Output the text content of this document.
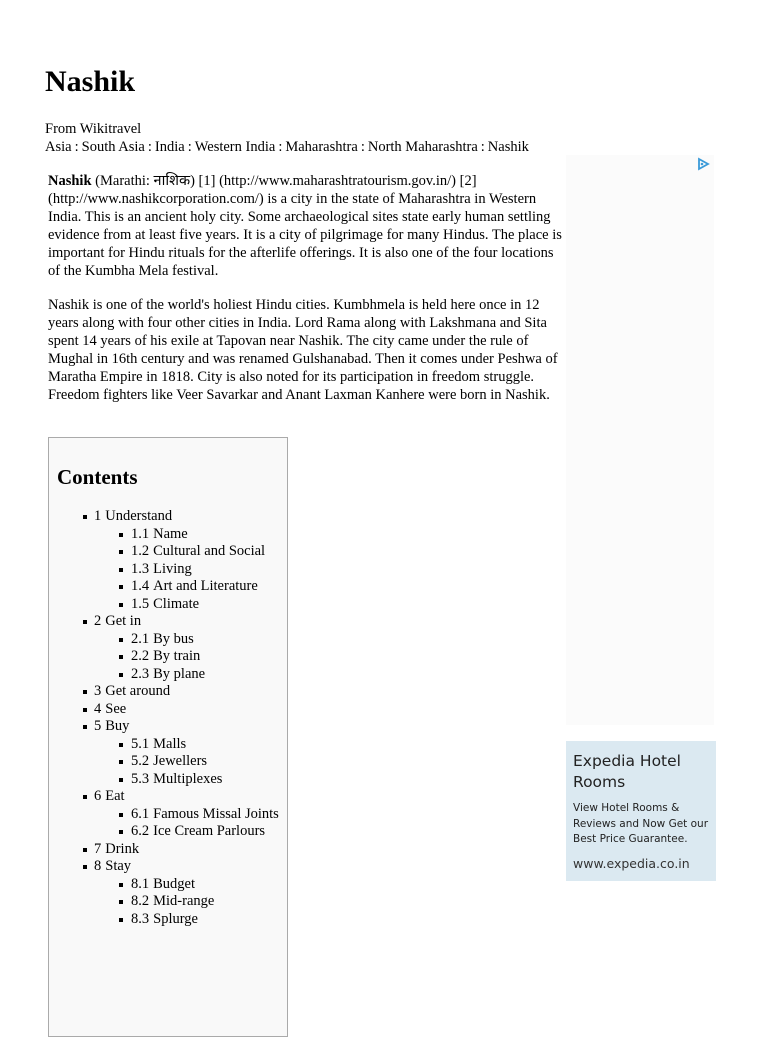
Nashik
From Wikitravel
Asia : South Asia : India : Western India : Maharashtra : North Maharashtra : Nashik

Nashik (Marathi: नाशिक) [1] (http://www.maharashtratourism.gov.in/) [2] (http://www.nashikcorporation.com/) is a city in the state of Maharashtra in Western India. This is an ancient holy city. Some archaeological sites state early human settling evidence from at least five years. It is a city of pilgrimage for many Hindus. The place is important for Hindu rituals for the afterlife offerings. It is also one of the four locations of the Kumbha Mela festival.

Nashik is one of the world's holiest Hindu cities. Kumbhmela is held here once in 12 years along with four other cities in India. Lord Rama along with Lakshmana and Sita spent 14 years of his exile at Tapovan near Nashik. The city came under the rule of Mughal in 16th century and was renamed Gulshanabad. Then it comes under Peshwa of Maratha Empire in 1818. City is also noted for its participation in freedom struggle. Freedom fighters like Veer Savarkar and Anant Laxman Kanhere were born in Nashik.

Expedia Hotel Rooms
View Hotel Rooms & Reviews and Now Get our Best Price Guarantee.
www.expedia.co.in
Contents
1 Understand
1.1 Name
1.2 Cultural and Social
1.3 Living
1.4 Art and Literature
1.5 Climate
2 Get in
2.1 By bus
2.2 By train
2.3 By plane
3 Get around
4 See
5 Buy
5.1 Malls
5.2 Jewellers
5.3 Multiplexes
6 Eat
6.1 Famous Missal Joints
6.2 Ice Cream Parlours
7 Drink
8 Stay
8.1 Budget
8.2 Mid-range
8.3 Splurge
